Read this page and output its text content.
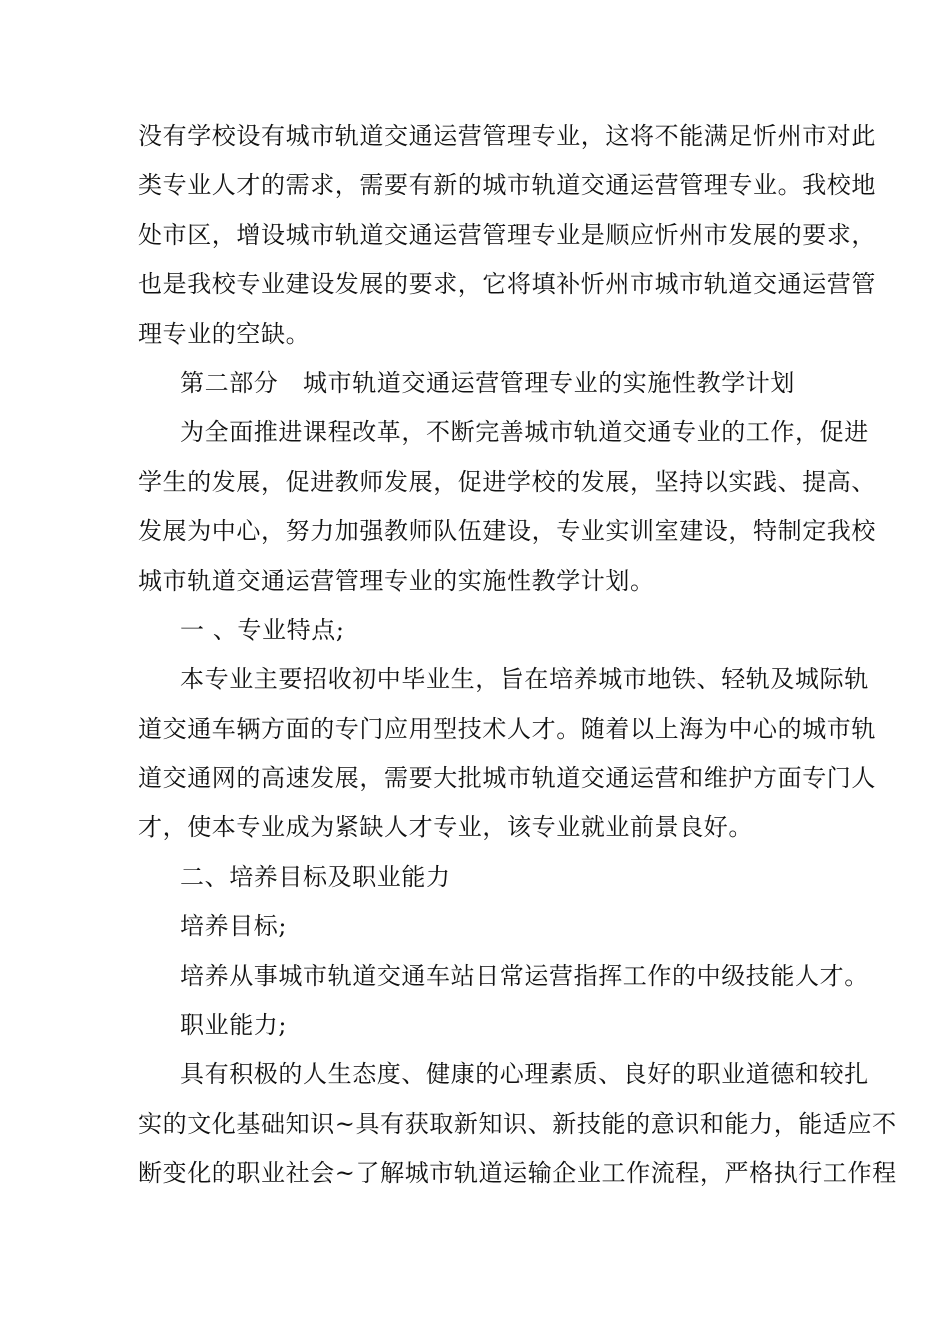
没有学校设有城市轨道交通运营管理专业，这将不能满足忻州市对此
类专业人才的需求，需要有新的城市轨道交通运营管理专业。我校地
处市区，增设城市轨道交通运营管理专业是顺应忻州市发展的要求，
也是我校专业建设发展的要求，它将填补忻州市城市轨道交通运营管
理专业的空缺。
第二部分　城市轨道交通运营管理专业的实施性教学计划
为全面推进课程改革，不断完善城市轨道交通专业的工作，促进
学生的发展，促进教师发展，促进学校的发展，坚持以实践、提高、
发展为中心，努力加强教师队伍建设，专业实训室建设，特制定我校
城市轨道交通运营管理专业的实施性教学计划。
一 、专业特点;
本专业主要招收初中毕业生，旨在培养城市地铁、轻轨及城际轨
道交通车辆方面的专门应用型技术人才。随着以上海为中心的城市轨
道交通网的高速发展，需要大批城市轨道交通运营和维护方面专门人
才，使本专业成为紧缺人才专业，该专业就业前景良好。
二、培养目标及职业能力
培养目标;
培养从事城市轨道交通车站日常运营指挥工作的中级技能人才。
职业能力;
具有积极的人生态度、健康的心理素质、良好的职业道德和较扎
实的文化基础知识~具有获取新知识、新技能的意识和能力，能适应不
断变化的职业社会~了解城市轨道运输企业工作流程，严格执行工作程
